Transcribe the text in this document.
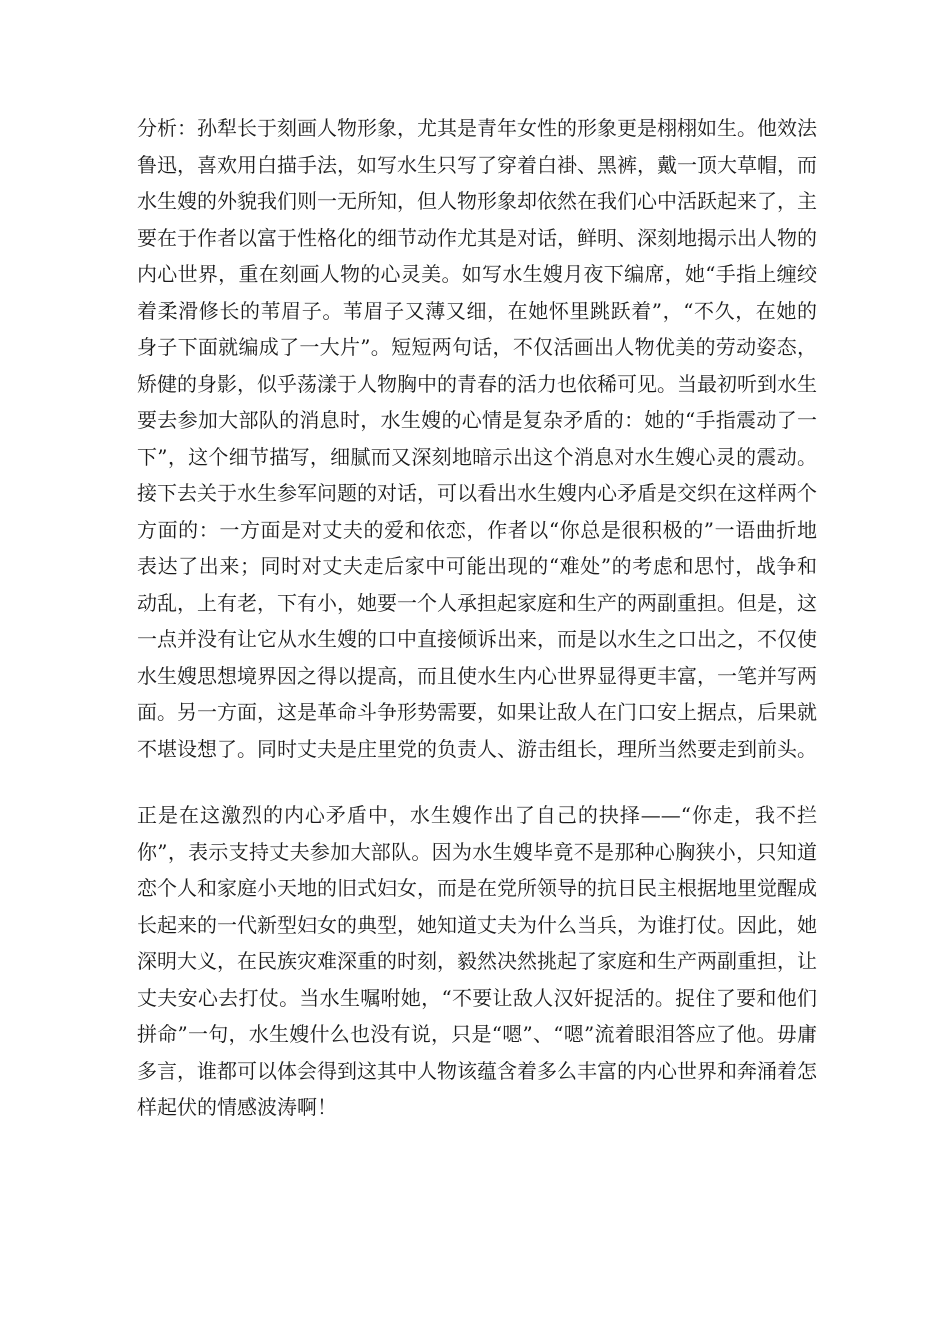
分析：孙犁长于刻画人物形象，尤其是青年女性的形象更是栩栩如生。他效法鲁迅，喜欢用白描手法，如写水生只写了穿着白褂、黑裤，戴一顶大草帽，而水生嫂的外貌我们则一无所知，但人物形象却依然在我们心中活跃起来了，主要在于作者以富于性格化的细节动作尤其是对话，鲜明、深刻地揭示出人物的内心世界，重在刻画人物的心灵美。如写水生嫂月夜下编席，她“手指上缠绞着柔滑修长的苇眉子。苇眉子又薄又细，在她怀里跳跃着”，“不久，在她的身子下面就编成了一大片”。短短两句话，不仅活画出人物优美的劳动姿态，矫健的身影，似乎荡漾于人物胸中的青春的活力也依稀可见。当最初听到水生要去参加大部队的消息时，水生嫂的心情是复杂矛盾的：她的“手指震动了一下”，这个细节描写，细腻而又深刻地暗示出这个消息对水生嫂心灵的震动。接下去关于水生参军问题的对话，可以看出水生嫂内心矛盾是交织在这样两个方面的：一方面是对丈夫的爱和依恋，作者以“你总是很积极的”一语曲折地表达了出来；同时对丈夫走后家中可能出现的“难处”的考虑和思忖，战争和动乱，上有老，下有小，她要一个人承担起家庭和生产的两副重担。但是，这一点并没有让它从水生嫂的口中直接倾诉出来，而是以水生之口出之，不仅使水生嫂思想境界因之得以提高，而且使水生内心世界显得更丰富，一笔并写两面。另一方面，这是革命斗争形势需要，如果让敌人在门口安上据点，后果就不堪设想了。同时丈夫是庄里党的负责人、游击组长，理所当然要走到前头。

正是在这激烈的内心矛盾中，水生嫂作出了自己的抉择——“你走，我不拦你”，表示支持丈夫参加大部队。因为水生嫂毕竟不是那种心胸狭小，只知道恋个人和家庭小天地的旧式妇女，而是在党所领导的抗日民主根据地里觉醒成长起来的一代新型妇女的典型，她知道丈夫为什么当兵，为谁打仗。因此，她深明大义，在民族灾难深重的时刻，毅然决然挑起了家庭和生产两副重担，让丈夫安心去打仗。当水生嘱咐她，“不要让敌人汉奸捉活的。捉住了要和他们拼命”一句，水生嫂什么也没有说，只是“嗯”、“嗯”流着眼泪答应了他。毋庸多言，谁都可以体会得到这其中人物该蕴含着多么丰富的内心世界和奔涌着怎样起伏的情感波涛啊！
